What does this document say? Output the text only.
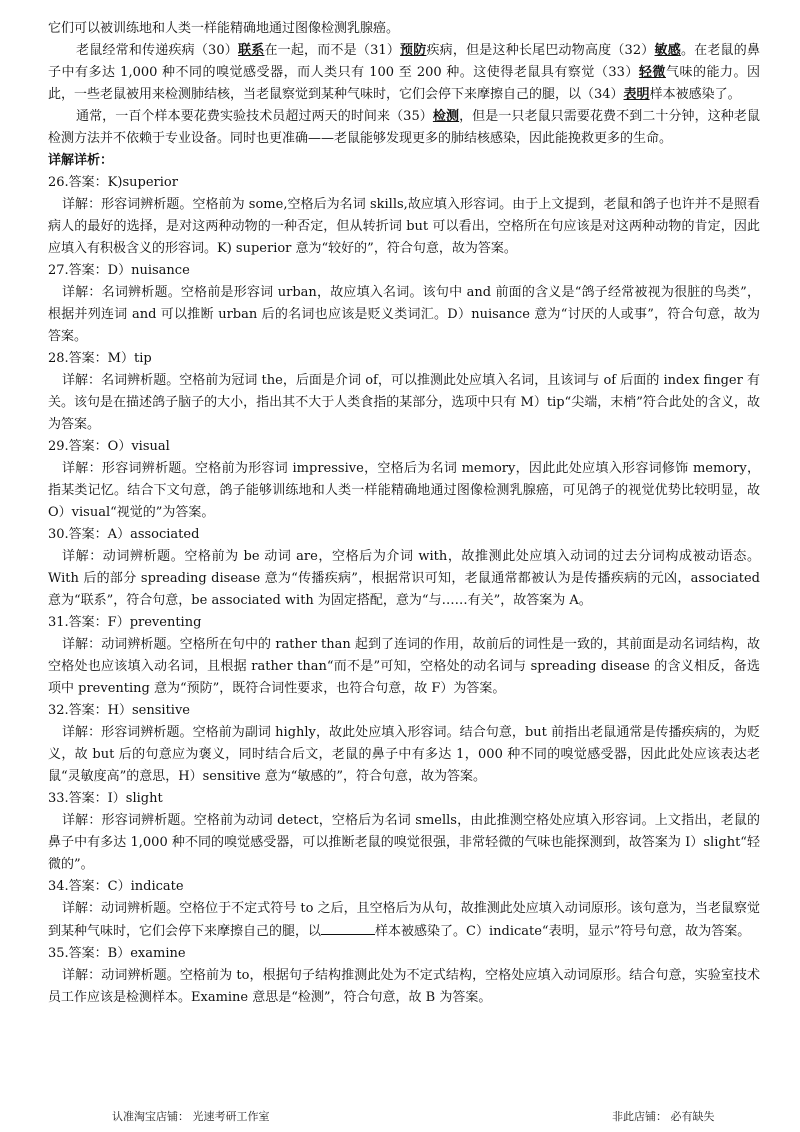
它们可以被训练地和人类一样能精确地通过图像检测乳腺癌。
老鼠经常和传递疾病（30）联系在一起，而不是（31）预防疾病，但是这种长尾巴动物高度（32）敏感。在老鼠的鼻子中有多达 1,000 种不同的嗅觉感受器，而人类只有 100 至 200 种。这使得老鼠具有察觉（33）轻微气味的能力。因此，一些老鼠被用来检测肺结核，当老鼠察觉到某种气味时，它们会停下来摩擦自己的腿，以（34）表明样本被感染了。
通常，一百个样本要花费实验技术员超过两天的时间来（35）检测，但是一只老鼠只需要花费不到二十分钟，这种老鼠检测方法并不依赖于专业设备。同时也更准确——老鼠能够发现更多的肺结核感染，因此能挽救更多的生命。
详解详析：
26.答案：K)superior
详解：形容词辨析题。空格前为 some,空格后为名词 skills,故应填入形容词。由于上文提到，老鼠和鸽子也许并不是照看病人的最好的选择，是对这两种动物的一种否定，但从转折词 but 可以看出，空格所在句应该是对这两种动物的肯定，因此应填入有积极含义的形容词。K) superior 意为“较好的”，符合句意，故为答案。
27.答案：D）nuisance
详解：名词辨析题。空格前是形容词 urban，故应填入名词。该句中 and 前面的含义是“鸽子经常被视为很脏的鸟类”，根据并列连词 and 可以推断 urban 后的名词也应该是贬义类词汇。D）nuisance 意为“讨厌的人或事”，符合句意，故为答案。
28.答案：M）tip
详解：名词辨析题。空格前为冠词 the，后面是介词 of，可以推测此处应填入名词，且该词与 of 后面的 index finger 有关。该句是在描述鸽子脑子的大小，指出其不大于人类食指的某部分，选项中只有 M）tip“尖端，末梢”符合此处的含义，故为答案。
29.答案：O）visual
详解：形容词辨析题。空格前为形容词 impressive，空格后为名词 memory，因此此处应填入形容词修饰 memory，指某类记忆。结合下文句意，鸽子能够训练地和人类一样能精确地通过图像检测乳腺癌，可见鸽子的视觉优势比较明显，故 O）visual“视觉的”为答案。
30.答案：A）associated
详解：动词辨析题。空格前为 be 动词 are，空格后为介词 with，故推测此处应填入动词的过去分词构成被动语态。With 后的部分 spreading disease 意为“传播疾病”，根据常识可知，老鼠通常都被认为是传播疾病的元凶，associated 意为“联系”，符合句意，be associated with 为固定搭配，意为“与……有关”，故答案为 A。
31.答案：F）preventing
详解：动词辨析题。空格所在句中的 rather than 起到了连词的作用，故前后的词性是一致的，其前面是动名词结构，故空格处也应该填入动名词，且根据 rather than“而不是”可知，空格处的动名词与 spreading disease 的含义相反，备选项中 preventing 意为“预防”，既符合词性要求，也符合句意，故 F）为答案。
32.答案：H）sensitive
详解：形容词辨析题。空格前为副词 highly，故此处应填入形容词。结合句意，but 前指出老鼠通常是传播疾病的，为贬义，故 but 后的句意应为褒义，同时结合后文，老鼠的鼻子中有多达 1，000 种不同的嗅觉感受器，因此此处应该表达老鼠“灵敏度高”的意思，H）sensitive 意为“敏感的”，符合句意，故为答案。
33.答案：I）slight
详解：形容词辨析题。空格前为动词 detect，空格后为名词 smells，由此推测空格处应填入形容词。上文指出，老鼠的鼻子中有多达 1,000 种不同的嗅觉感受器，可以推断老鼠的嗅觉很强，非常轻微的气味也能探测到，故答案为 I）slight“轻微的”。
34.答案：C）indicate
详解：动词辨析题。空格位于不定式符号 to 之后，且空格后为从句，故推测此处应填入动词原形。该句意为，当老鼠察觉到某种气味时，它们会停下来摩擦自己的腿，以	样本被感染了。C）indicate“表明，显示”符号句意，故为答案。
35.答案：B）examine
详解：动词辨析题。空格前为 to，根据句子结构推测此处为不定式结构，空格处应填入动词原形。结合句意，实验室技术员工作应该是检测样本。Examine 意思是“检测”，符合句意，故 B 为答案。
认准淘宝店铺： 光速考研工作室	非此店铺： 必有缺失
